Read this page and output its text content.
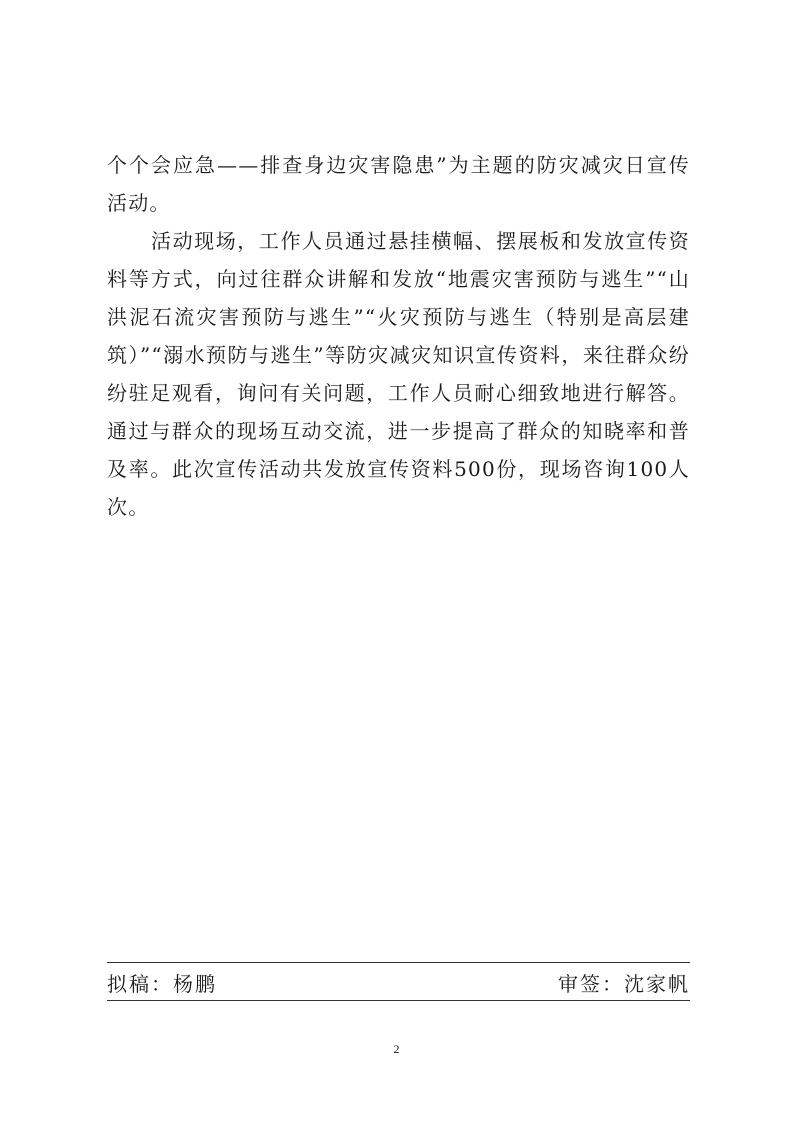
个个会应急——排查身边灾害隐患”为主题的防灾减灾日宣传活动。

活动现场，工作人员通过悬挂横幅、摆展板和发放宣传资料等方式，向过往群众讲解和发放“地震灾害预防与逃生”“山洪泥石流灾害预防与逃生”“火灾预防与逃生（特别是高层建筑）”“溺水预防与逃生”等防灾减灾知识宣传资料，来往群众纷纷驻足观看，询问有关问题，工作人员耐心细致地进行解答。通过与群众的现场互动交流，进一步提高了群众的知晓率和普及率。此次宣传活动共发放宣传资料500份，现场咨询100人次。

拟稿：杨鹏	审签：沈家帆
2
